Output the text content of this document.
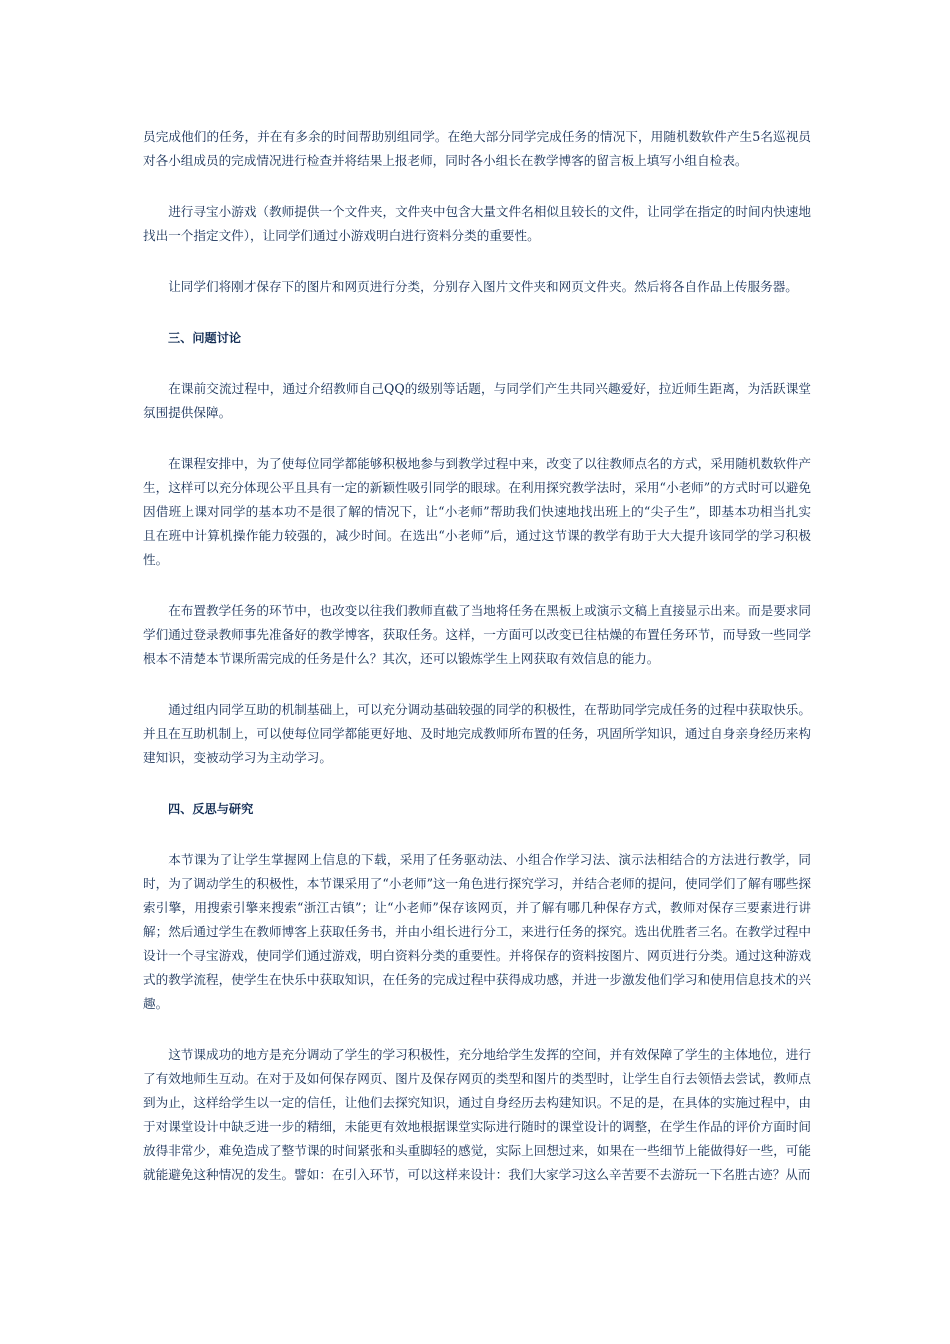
员完成他们的任务，并在有多余的时间帮助别组同学。在绝大部分同学完成任务的情况下，用随机数软件产生5名巡视员对各小组成员的完成情况进行检查并将结果上报老师，同时各小组长在教学博客的留言板上填写小组自检表。

进行寻宝小游戏（教师提供一个文件夹，文件夹中包含大量文件名相似且较长的文件，让同学在指定的时间内快速地找出一个指定文件），让同学们通过小游戏明白进行资料分类的重要性。

让同学们将刚才保存下的图片和网页进行分类，分别存入图片文件夹和网页文件夹。然后将各自作品上传服务器。

三、问题讨论

在课前交流过程中，通过介绍教师自己QQ的级别等话题，与同学们产生共同兴趣爱好，拉近师生距离，为活跃课堂氛围提供保障。

在课程安排中，为了使每位同学都能够积极地参与到教学过程中来，改变了以往教师点名的方式，采用随机数软件产生，这样可以充分体现公平且具有一定的新颖性吸引同学的眼球。在利用探究教学法时，采用“小老师”的方式时可以避免因借班上课对同学的基本功不是很了解的情况下，让“小老师”帮助我们快速地找出班上的“尖子生”，即基本功相当扎实且在班中计算机操作能力较强的，减少时间。在选出“小老师”后，通过这节课的教学有助于大大提升该同学的学习积极性。

在布置教学任务的环节中，也改变以往我们教师直截了当地将任务在黑板上或演示文稿上直接显示出来。而是要求同学们通过登录教师事先准备好的教学博客，获取任务。这样，一方面可以改变已往枯燥的布置任务环节，而导致一些同学根本不清楚本节课所需完成的任务是什么？其次，还可以锻炼学生上网获取有效信息的能力。

通过组内同学互助的机制基础上，可以充分调动基础较强的同学的积极性，在帮助同学完成任务的过程中获取快乐。并且在互助机制上，可以使每位同学都能更好地、及时地完成教师所布置的任务，巩固所学知识，通过自身亲身经历来构建知识，变被动学习为主动学习。

四、反思与研究

本节课为了让学生掌握网上信息的下载，采用了任务驱动法、小组合作学习法、演示法相结合的方法进行教学，同时，为了调动学生的积极性，本节课采用了“小老师”这一角色进行探究学习，并结合老师的提问，使同学们了解有哪些探索引擎，用搜索引擎来搜索“浙江古镇”；让“小老师”保存该网页，并了解有哪几种保存方式，教师对保存三要素进行讲解；然后通过学生在教师博客上获取任务书，并由小组长进行分工，来进行任务的探究。选出优胜者三名。在教学过程中设计一个寻宝游戏，使同学们通过游戏，明白资料分类的重要性。并将保存的资料按图片、网页进行分类。通过这种游戏式的教学流程，使学生在快乐中获取知识，在任务的完成过程中获得成功感，并进一步激发他们学习和使用信息技术的兴趣。

这节课成功的地方是充分调动了学生的学习积极性，充分地给学生发挥的空间，并有效保障了学生的主体地位，进行了有效地师生互动。在对于及如何保存网页、图片及保存网页的类型和图片的类型时，让学生自行去领悟去尝试，教师点到为止，这样给学生以一定的信任，让他们去探究知识，通过自身经历去构建知识。不足的是，在具体的实施过程中，由于对课堂设计中缺乏进一步的精细，未能更有效地根据课堂实际进行随时的课堂设计的调整，在学生作品的评价方面时间放得非常少，难免造成了整节课的时间紧张和头重脚轻的感觉，实际上回想过来，如果在一些细节上能做得好一些，可能就能避免这种情况的发生。譬如：在引入环节，可以这样来设计：我们大家学习这么辛苦要不去游玩一下名胜古迹？从而
